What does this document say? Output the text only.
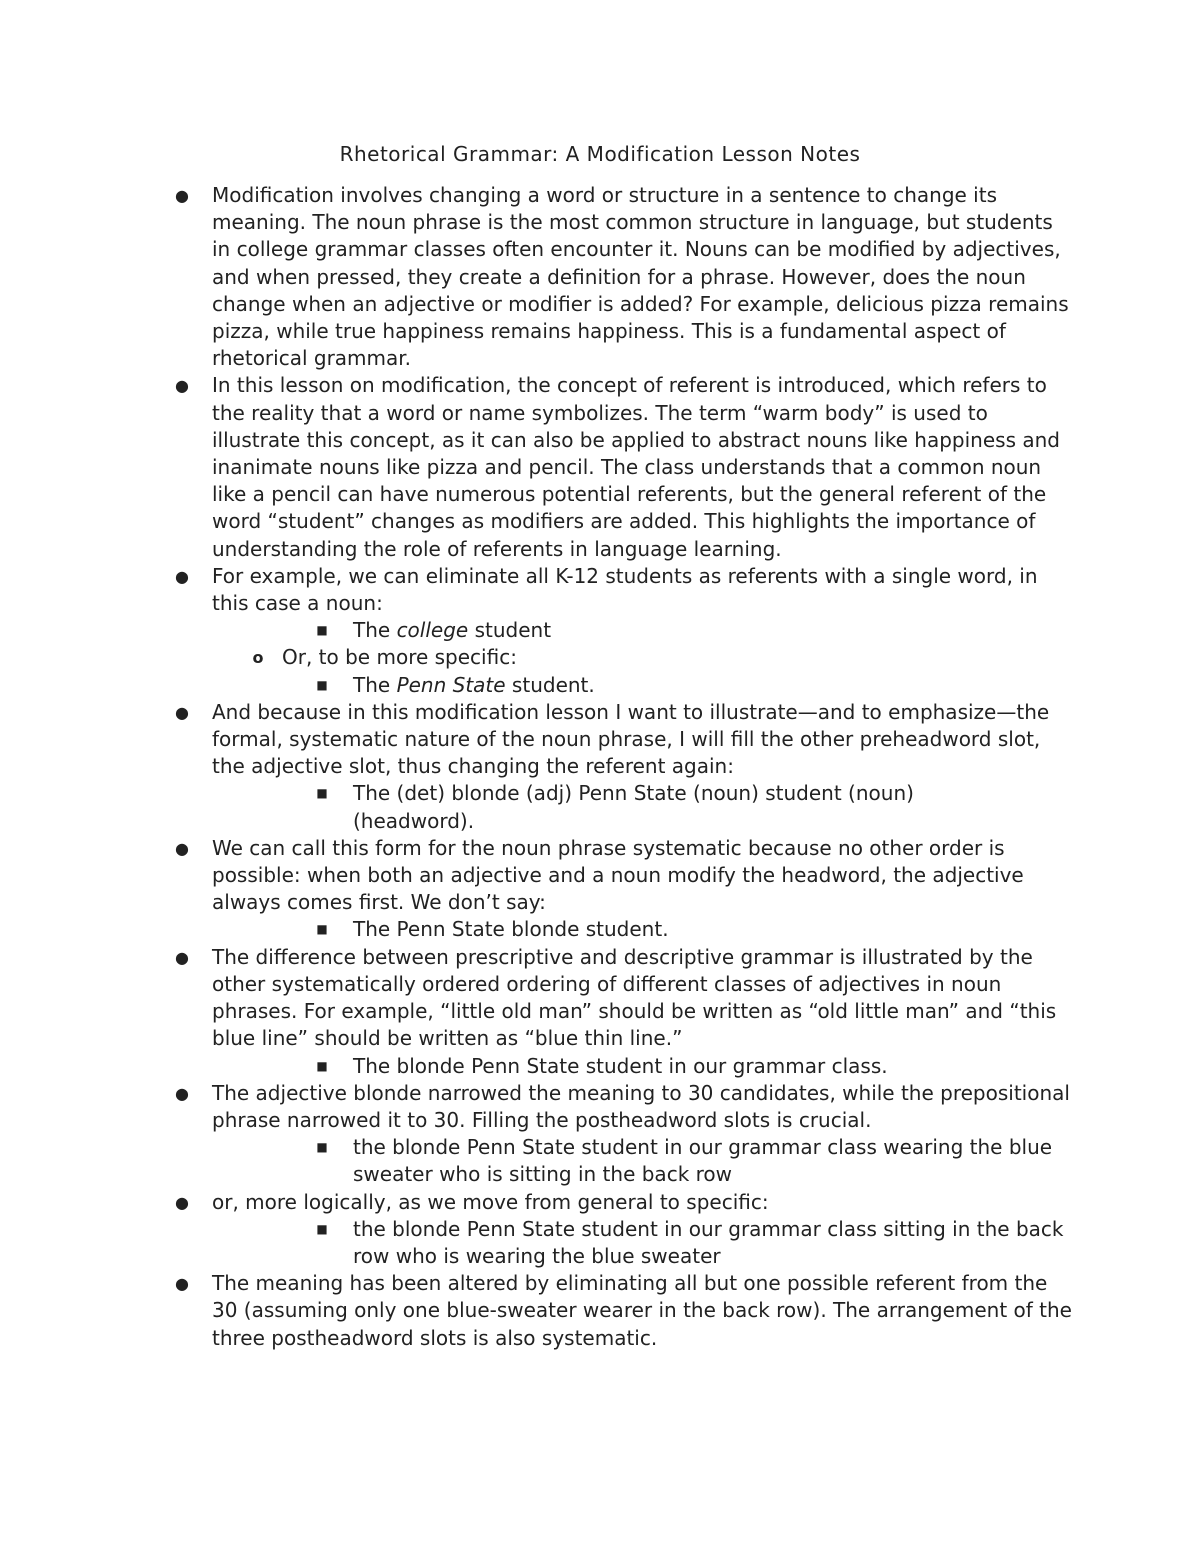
Rhetorical Grammar: A Modification Lesson Notes
● Modification involves changing a word or structure in a sentence to change its meaning. The noun phrase is the most common structure in language, but students in college grammar classes often encounter it. Nouns can be modified by adjectives, and when pressed, they create a definition for a phrase. However, does the noun change when an adjective or modifier is added? For example, delicious pizza remains pizza, while true happiness remains happiness. This is a fundamental aspect of rhetorical grammar.
● In this lesson on modification, the concept of referent is introduced, which refers to the reality that a word or name symbolizes. The term “warm body” is used to illustrate this concept, as it can also be applied to abstract nouns like happiness and inanimate nouns like pizza and pencil. The class understands that a common noun like a pencil can have numerous potential referents, but the general referent of the word “student” changes as modifiers are added. This highlights the importance of understanding the role of referents in language learning.
● For example, we can eliminate all K-12 students as referents with a single word, in this case a noun:
■ The college student
o Or, to be more specific:
■ The Penn State student.
● And because in this modification lesson I want to illustrate—and to emphasize—the formal, systematic nature of the noun phrase, I will fill the other preheadword slot, the adjective slot, thus changing the referent again:
■ The (det) blonde (adj) Penn State (noun) student (noun) (headword).
● We can call this form for the noun phrase systematic because no other order is possible: when both an adjective and a noun modify the headword, the adjective always comes first. We don’t say:
■ The Penn State blonde student.
● The difference between prescriptive and descriptive grammar is illustrated by the other systematically ordered ordering of different classes of adjectives in noun phrases. For example, “little old man” should be written as “old little man” and “this blue line” should be written as “blue thin line.”
■ The blonde Penn State student in our grammar class.
● The adjective blonde narrowed the meaning to 30 candidates, while the prepositional phrase narrowed it to 30. Filling the postheadword slots is crucial.
■ the blonde Penn State student in our grammar class wearing the blue sweater who is sitting in the back row
● or, more logically, as we move from general to specific:
■ the blonde Penn State student in our grammar class sitting in the back row who is wearing the blue sweater
● The meaning has been altered by eliminating all but one possible referent from the 30 (assuming only one blue-sweater wearer in the back row). The arrangement of the three postheadword slots is also systematic.
